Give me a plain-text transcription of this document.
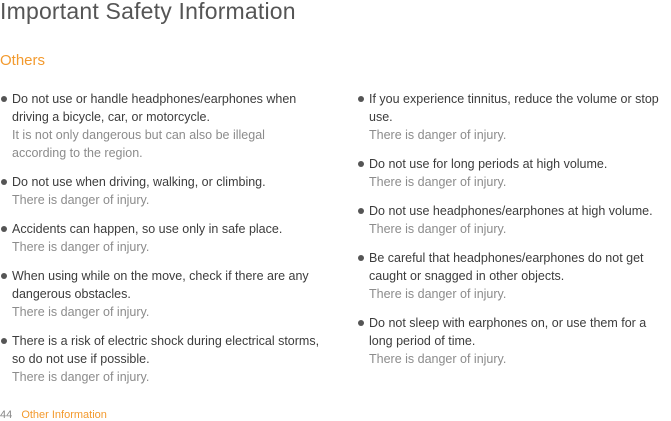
Important Safety Information
Others
Do not use or handle headphones/earphones when
driving a bicycle, car, or motorcycle.
It is not only dangerous but can also be illegal
according to the region.
Do not use when driving, walking, or climbing.
There is danger of injury.
Accidents can happen, so use only in safe place.
There is danger of injury.
When using while on the move, check if there are any
dangerous obstacles.
There is danger of injury.
There is a risk of electric shock during electrical storms,
so do not use if possible.
There is danger of injury.
If you experience tinnitus, reduce the volume or stop
use.
There is danger of injury.
Do not use for long periods at high volume.
There is danger of injury.
Do not use headphones/earphones at high volume.
There is danger of injury.
Be careful that headphones/earphones do not get
caught or snagged in other objects.
There is danger of injury.
Do not sleep with earphones on, or use them for a
long period of time.
There is danger of injury.
44 Other Information
